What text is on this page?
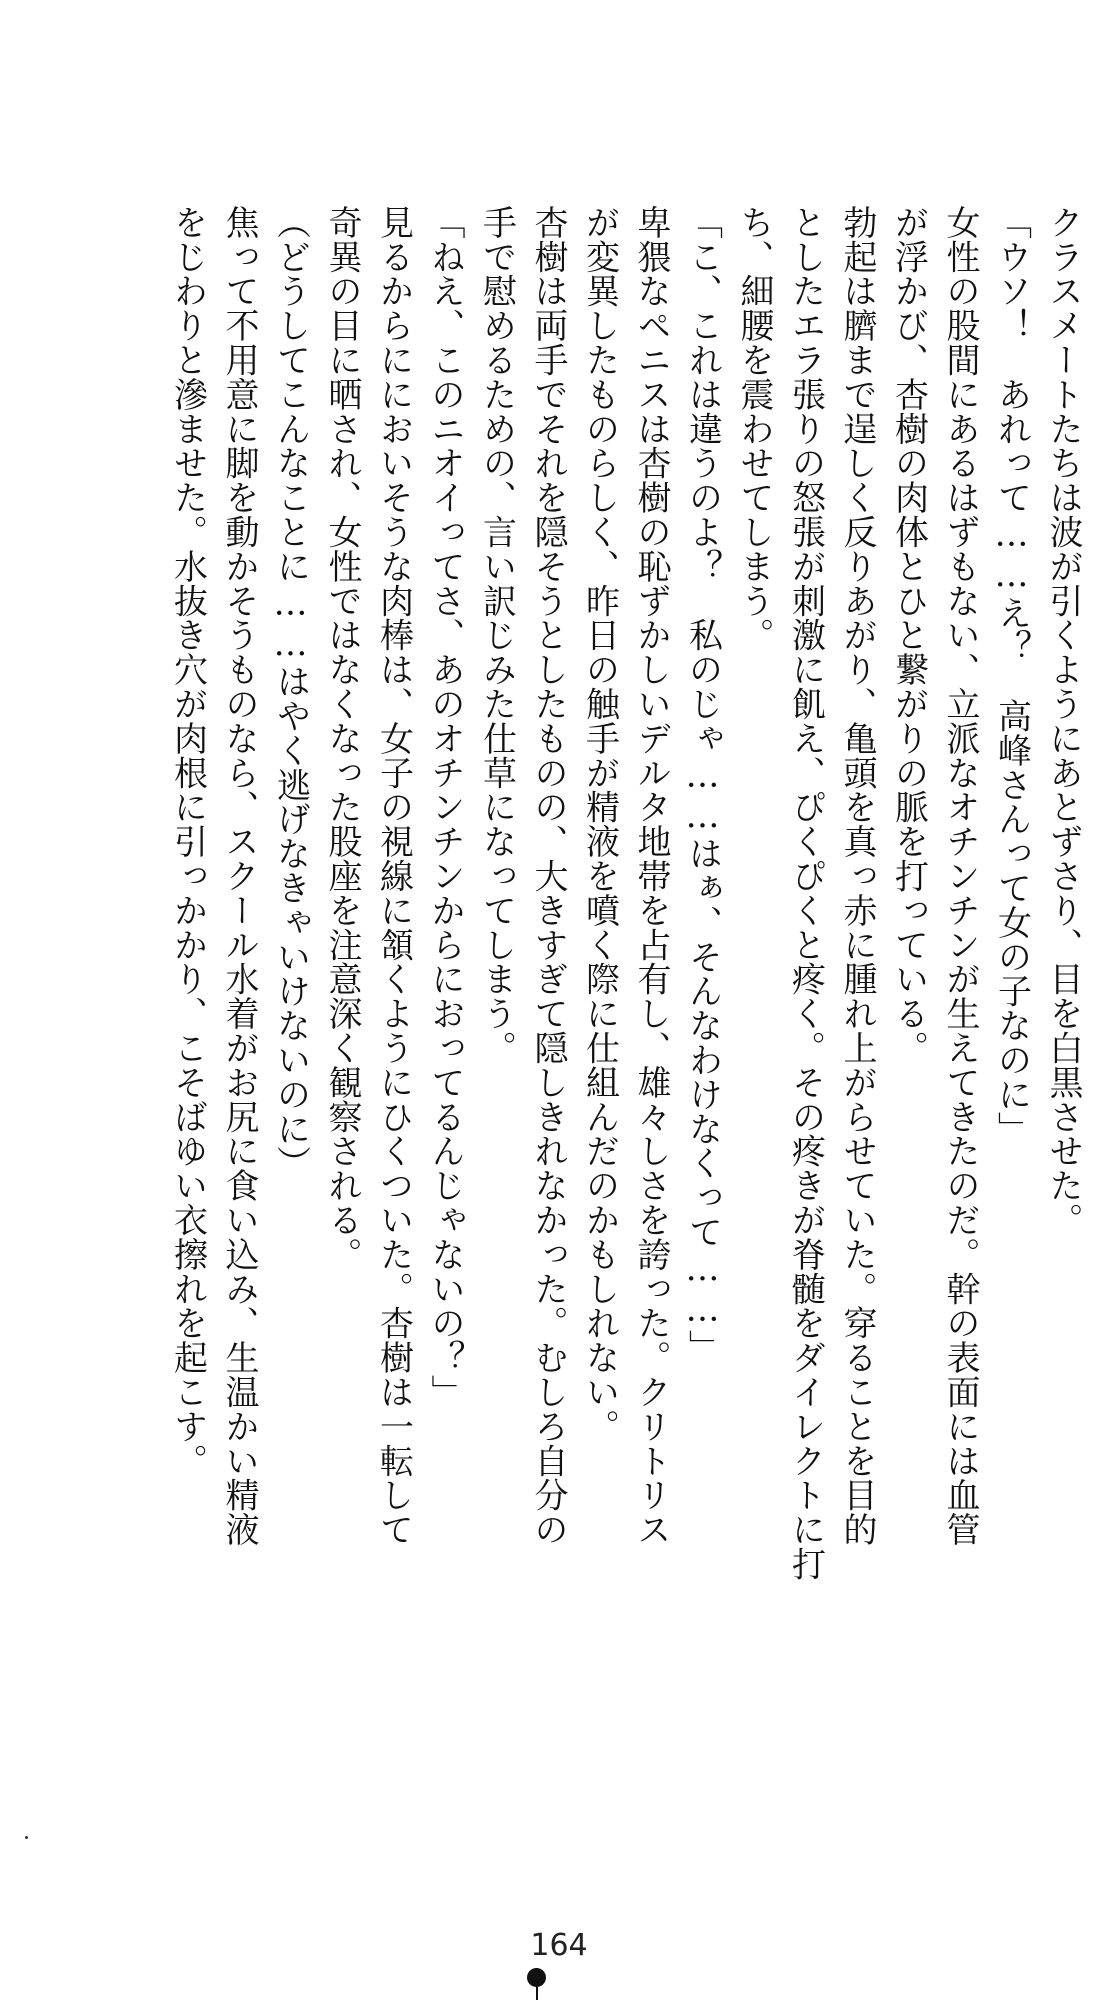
クラスメートたちは波が引くようにあとずさり、目を白黒させた。
「ウソ！　あれって……え？　高峰さんって女の子なのに」
女性の股間にあるはずもない、立派なオチンチンが生えてきたのだ。幹の表面には血管
が浮かび、杏樹の肉体とひと繋がりの脈を打っている。
勃起は臍まで逞しく反りあがり、亀頭を真っ赤に腫れ上がらせていた。穿ることを目的
としたエラ張りの怒張が刺激に飢え、ぴくぴくと疼く。その疼きが脊髄をダイレクトに打
ち、細腰を震わせてしまう。
「こ、これは違うのよ？　私のじゃ……はぁ、そんなわけなくって……」
卑猥なペニスは杏樹の恥ずかしいデルタ地帯を占有し、雄々しさを誇った。クリトリス
が変異したものらしく、昨日の触手が精液を噴く際に仕組んだのかもしれない。
杏樹は両手でそれを隠そうとしたものの、大きすぎて隠しきれなかった。むしろ自分の
手で慰めるための、言い訳じみた仕草になってしまう。
「ねえ、このニオイってさ、あのオチンチンからにおってるんじゃないの？」
見るからににおいそうな肉棒は、女子の視線に頷くようにひくついた。杏樹は一転して
奇異の目に晒され、女性ではなくなった股座を注意深く観察される。
（どうしてこんなことに……はやく逃げなきゃいけないのに）
焦って不用意に脚を動かそうものなら、スクール水着がお尻に食い込み、生温かい精液
をじわりと滲ませた。水抜き穴が肉根に引っかかり、こそばゆい衣擦れを起こす。
164
